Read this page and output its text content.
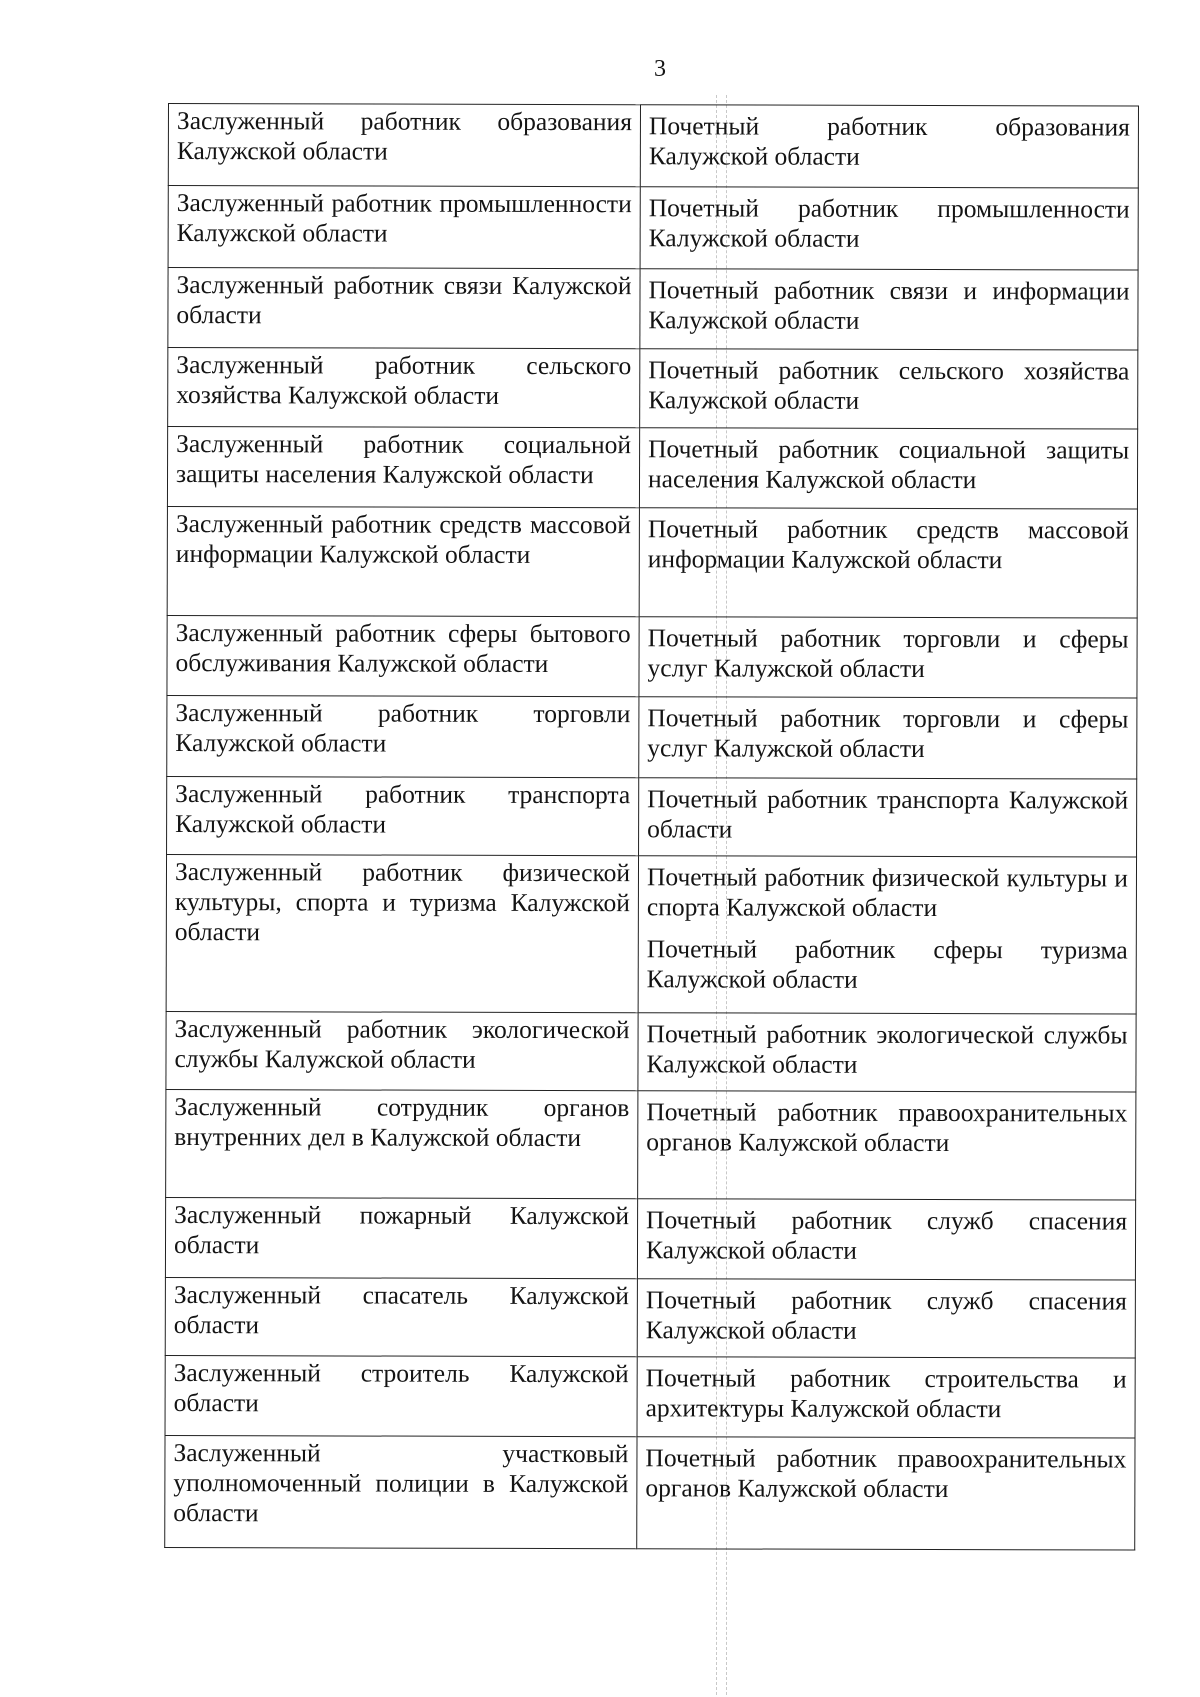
3
Заслуженный работник образования Калужской области	Почетный работник образования Калужской области

Заслуженный работник промышленности Калужской области	Почетный работник промышленности Калужской области

Заслуженный работник связи Калужской области	Почетный работник связи и информации Калужской области

Заслуженный работник сельского хозяйства Калужской области	Почетный работник сельского хозяйства Калужской области

Заслуженный работник социальной защиты населения Калужской области	Почетный работник социальной защиты населения Калужской области

Заслуженный работник средств массовой информации Калужской области	Почетный работник средств массовой информации Калужской области

Заслуженный работник сферы бытового обслуживания Калужской области	Почетный работник торговли и сферы услуг Калужской области

Заслуженный работник торговли Калужской области	Почетный работник торговли и сферы услуг Калужской области

Заслуженный работник транспорта Калужской области	Почетный работник транспорта Калужской области

Заслуженный работник физической культуры, спорта и туризма Калужской области	Почетный работник физической культуры и спорта Калужской области
Почетный работник сферы туризма Калужской области

Заслуженный работник экологической службы Калужской области	Почетный работник экологической службы Калужской области

Заслуженный сотрудник органов внутренних дел в Калужской области	Почетный работник правоохранительных органов Калужской области

Заслуженный пожарный Калужской области	Почетный работник служб спасения Калужской области

Заслуженный спасатель Калужской области	Почетный работник служб спасения Калужской области

Заслуженный строитель Калужской области	Почетный работник строительства и архитектуры Калужской области

Заслуженный участковый уполномоченный полиции в Калужской области	Почетный работник правоохранительных органов Калужской области
